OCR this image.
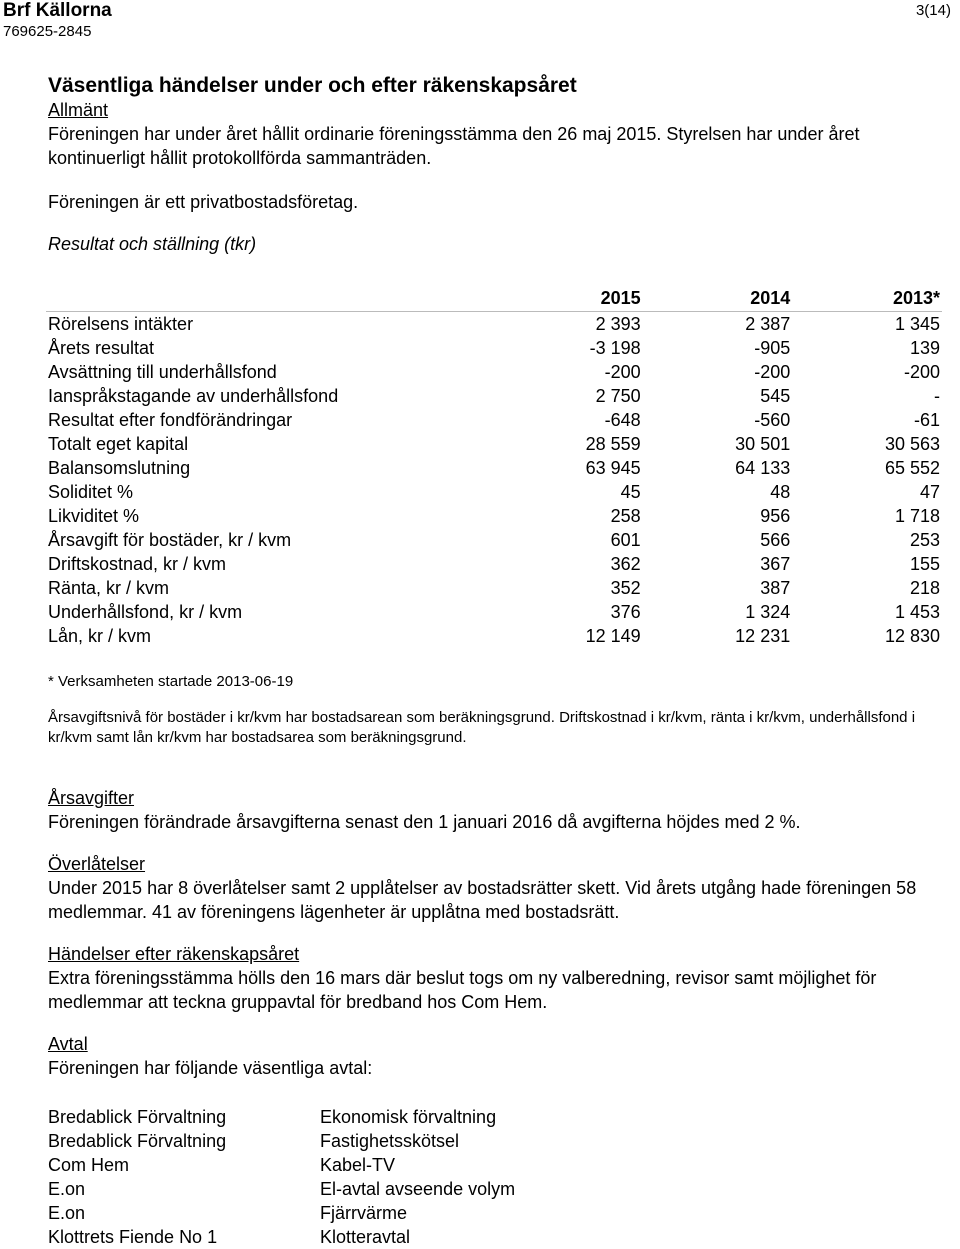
Brf Källorna
769625-2845
3(14)
Väsentliga händelser under och efter räkenskapsåret
Allmänt
Föreningen har under året hållit ordinarie föreningsstämma den 26 maj 2015. Styrelsen har under året kontinuerligt hållit protokollförda sammanträden.
Föreningen är ett privatbostadsföretag.
Resultat och ställning (tkr)
	2015	2014	2013*
Rörelsens intäkter	2 393	2 387	1 345
Årets resultat	-3 198	-905	139
Avsättning till underhållsfond	-200	-200	-200
Ianspråkstagande av underhållsfond	2 750	545	-
Resultat efter fondförändringar	-648	-560	-61
Totalt eget kapital	28 559	30 501	30 563
Balansomslutning	63 945	64 133	65 552
Soliditet %	45	48	47
Likviditet %	258	956	1 718
Årsavgift för bostäder, kr / kvm	601	566	253
Driftskostnad, kr / kvm	362	367	155
Ränta, kr / kvm	352	387	218
Underhållsfond, kr / kvm	376	1 324	1 453
Lån, kr / kvm	12 149	12 231	12 830
* Verksamheten startade 2013-06-19
Årsavgiftsnivå för bostäder i kr/kvm har bostadsarean som beräkningsgrund. Driftskostnad i kr/kvm, ränta i kr/kvm, underhållsfond i kr/kvm samt lån kr/kvm har bostadsarea som beräkningsgrund.
Årsavgifter
Föreningen förändrade årsavgifterna senast den 1 januari 2016 då avgifterna höjdes med 2 %.
Överlåtelser
Under 2015 har 8 överlåtelser samt 2 upplåtelser av bostadsrätter skett. Vid årets utgång hade föreningen 58 medlemmar. 41 av föreningens lägenheter är upplåtna med bostadsrätt.
Händelser efter räkenskapsåret
Extra föreningsstämma hölls den 16 mars där beslut togs om ny valberedning, revisor samt möjlighet för medlemmar att teckna gruppavtal för bredband hos Com Hem.
Avtal
Föreningen har följande väsentliga avtal:
Bredablick Förvaltning	Ekonomisk förvaltning
Bredablick Förvaltning	Fastighetsskötsel
Com Hem	Kabel-TV
E.on	El-avtal avseende volym
E.on	Fjärrvärme
Klottrets Fiende No 1	Klotteravtal
